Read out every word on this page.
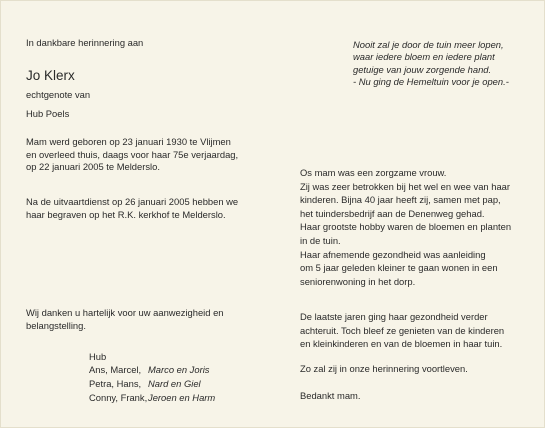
In dankbare herinnering aan
Jo Klerx
echtgenote van
Hub Poels
Mam werd geboren op 23 januari 1930 te Vlijmen
en overleed thuis, daags voor haar 75e verjaardag,
op 22 januari 2005 te Melderslo.
Na de uitvaartdienst op 26 januari 2005 hebben we
haar begraven op het R.K. kerkhof te Melderslo.
Wij danken u hartelijk voor uw aanwezigheid en
belangstelling.
Hub
Ans, Marcel, Marco en Joris
Petra, Hans, Nard en Giel
Conny, Frank, Jeroen en Harm
Nooit zal je door de tuin meer lopen,
waar iedere bloem en iedere plant
getuige van jouw zorgende hand.
- Nu ging de Hemeltuin voor je open.-
Os mam was een zorgzame vrouw.
Zij was zeer betrokken bij het wel en wee van haar
kinderen. Bijna 40 jaar heeft zij, samen met pap,
het tuindersbedrijf aan de Denenweg gehad.
Haar grootste hobby waren de bloemen en planten
in de tuin.
Haar afnemende gezondheid was aanleiding
om 5 jaar geleden kleiner te gaan wonen in een
seniorenwoning in het dorp.
De laatste jaren ging haar gezondheid verder
achteruit. Toch bleef ze genieten van de kinderen
en kleinkinderen en van de bloemen in haar tuin.
Zo zal zij in onze herinnering voortleven.
Bedankt mam.
